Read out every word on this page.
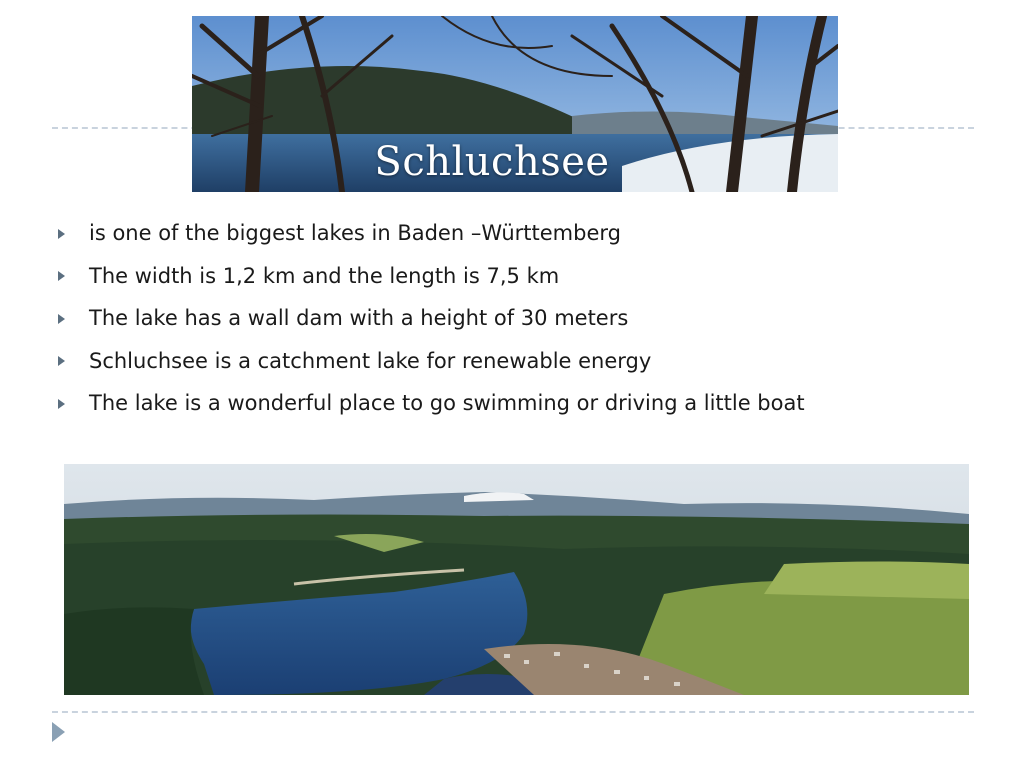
Schluchsee
is one of the biggest lakes in Baden –Württemberg
The width is 1,2 km and the length is 7,5 km
The lake has a wall dam with a height of 30 meters
Schluchsee is a catchment lake for renewable energy
The lake is a wonderful place to go swimming or driving a little boat
